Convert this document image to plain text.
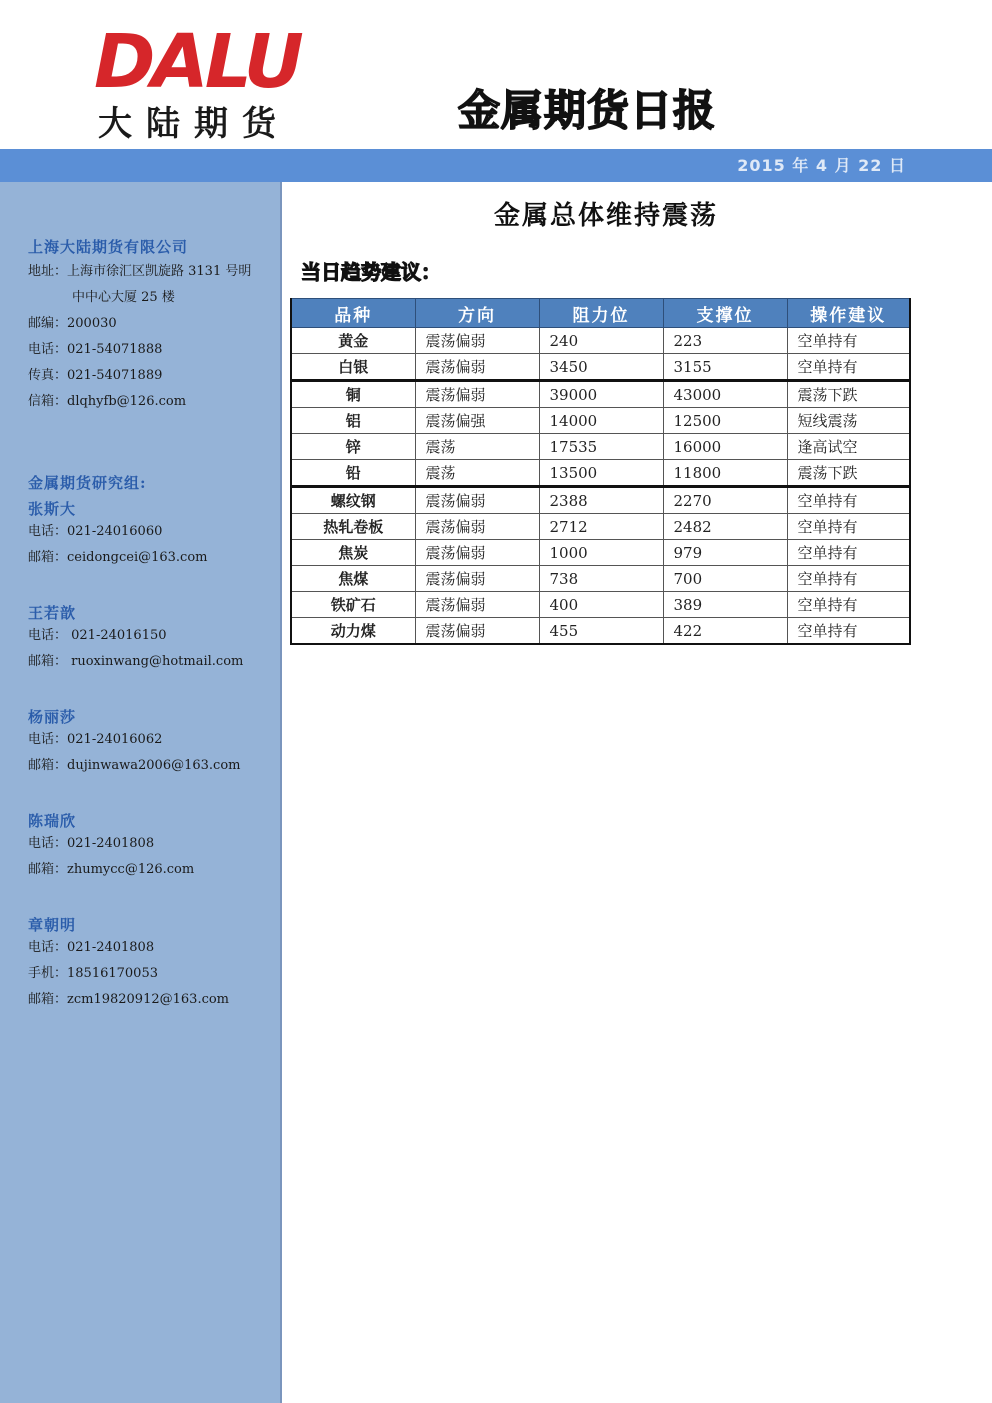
DALU
大陆期货	金属期货日报
2015 年 4 月 22 日
上海大陆期货有限公司
地址：上海市徐汇区凯旋路 3131 号明
中中心大厦 25 楼
邮编：200030
电话：021-54071888
传真：021-54071889
信箱：dlqhyfb@126.com
金属期货研究组:
张斯大
电话：021-24016060
邮箱：ceidongcei@163.com
王若歆
电话： 021-24016150
邮箱： ruoxinwang@hotmail.com
杨丽莎
电话：021-24016062
邮箱：dujinwawa2006@163.com
陈瑞欣
电话：021-2401808
邮箱：zhumycc@126.com
章朝明
电话：021-2401808
手机：18516170053
邮箱：zcm19820912@163.com
金属总体维持震荡
当日趋势建议：
品种	方向	阻力位	支撑位	操作建议
黄金	震荡偏弱	240	223	空单持有
白银	震荡偏弱	3450	3155	空单持有
铜	震荡偏弱	39000	43000	震荡下跌
铝	震荡偏强	14000	12500	短线震荡
锌	震荡	17535	16000	逢高试空
铅	震荡	13500	11800	震荡下跌
螺纹钢	震荡偏弱	2388	2270	空单持有
热轧卷板	震荡偏弱	2712	2482	空单持有
焦炭	震荡偏弱	1000	979	空单持有
焦煤	震荡偏弱	738	700	空单持有
铁矿石	震荡偏弱	400	389	空单持有
动力煤	震荡偏弱	455	422	空单持有
